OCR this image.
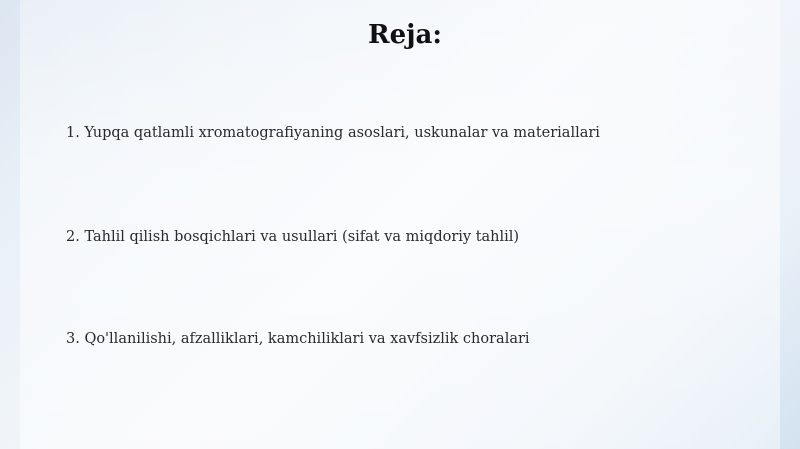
Reja:
1. Yupqa qatlamli xromatografiyaning asoslari, uskunalar va materiallari
2. Tahlil qilish bosqichlari va usullari (sifat va miqdoriy tahlil)
3. Qo'llanilishi, afzalliklari, kamchiliklari va xavfsizlik choralari
